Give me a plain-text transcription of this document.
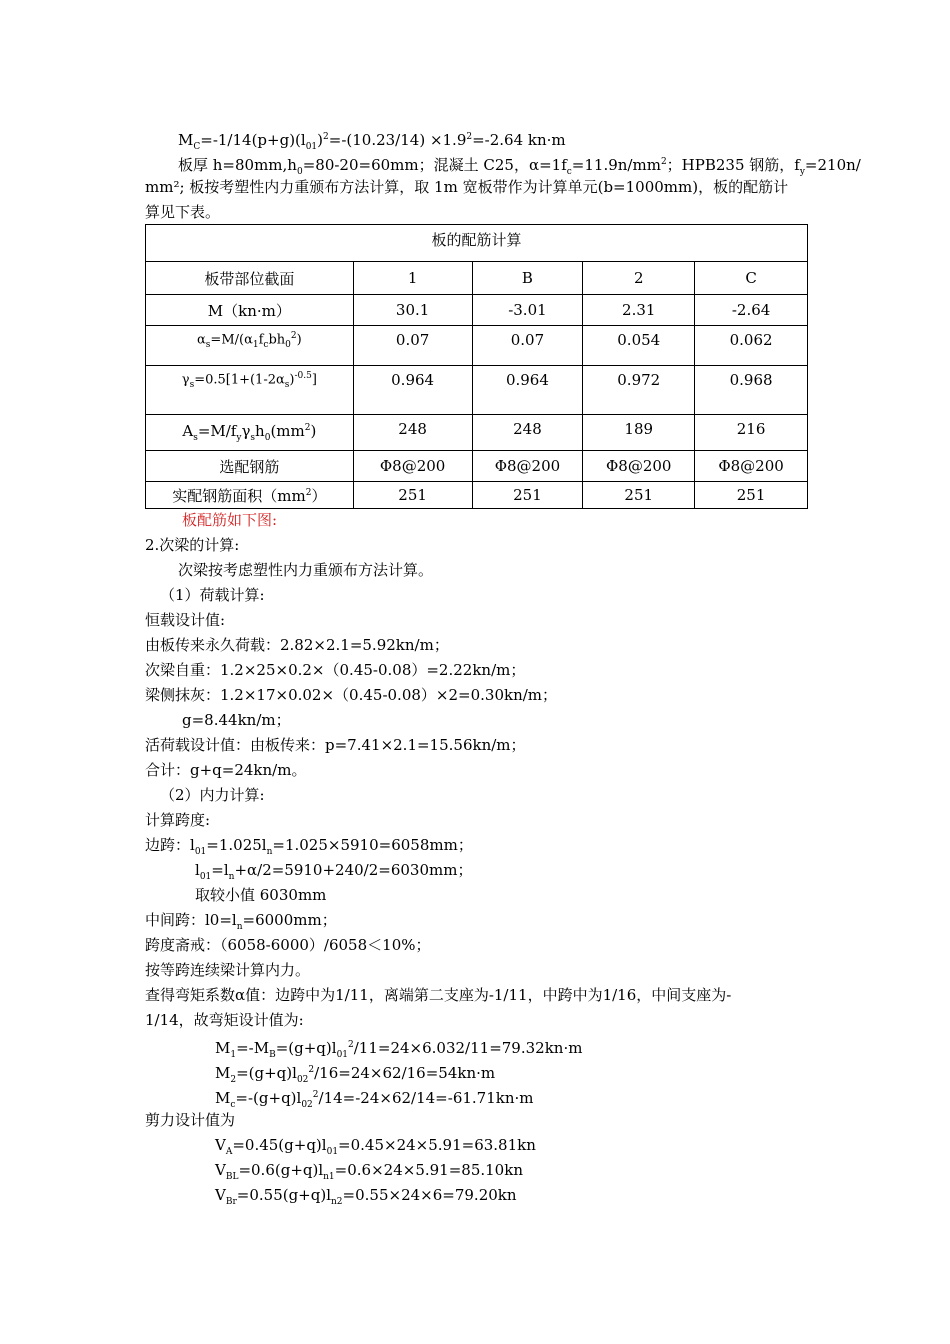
$M_C=-1/14(p+g)(l_{01})^2=-(10.23/14) \times 1.9^2=-2.64$ kn·m
板厚 $h=80mm,h_0=80-20=60mm$；混凝土 C25，$\alpha=1f_c=11.9n/mm^2$；HPB235 钢筋，$f_y=210n/$
mm²; 板按考塑性内力重颁布方法计算，取 1m 宽板带作为计算单元(b=1000mm)，板的配筋计
算见下表。
板的配筋计算				
板带部位截面	1	B	2	C
M（kn·m）	30.1	-3.01	2.31	-2.64
$\alpha_s=M/(\alpha_1f_cbh_0^2)$	0.07	0.07	0.054	0.062
$\gamma_s=0.5[1+(1-2\alpha_s)^{-0.5}]$	0.964	0.964	0.972	0.968
$A_s=M/f_y\gamma_sh_0(mm^2)$	248	248	189	216
选配钢筋	Φ8@200	Φ8@200	Φ8@200	Φ8@200
实配钢筋面积$(mm^2)$	251	251	251	251
板配筋如下图:
2.次梁的计算:
次梁按考虑塑性内力重颁布方法计算。
（1）荷载计算:
恒载设计值:
由板传来永久荷载：2.82×2.1=5.92kn/m；
次梁自重：1.2×25×0.2×（0.45-0.08）=2.22kn/m；
梁侧抹灰：1.2×17×0.02×（0.45-0.08）×2=0.30kn/m；
g=8.44kn/m；
活荷载设计值：由板传来：p=7.41×2.1=15.56kn/m；
合计：g+q=24kn/m。
（2）内力计算:
计算跨度:
边跨：$l_{01}=1.025l_n=1.025\times 5910=6058mm$；
$l_{01}=l_n+\alpha/2=5910+240/2=6030mm$；
取较小值 6030mm
中间跨：$l0=l_n=6000mm$；
跨度斋戒：（6058-6000）/6058＜10%；
按等跨连续梁计算内力。
查得弯矩系数α值：边跨中为1/11，离端第二支座为-1/11，中跨中为1/16，中间支座为-
1/14，故弯矩设计值为:
$M_1=-M_B=(g+q)l_{01}^2/11=24\times 6.032/11=79.32kn\cdot m$
$M_2=(g+q)l_{02}^2/16=24\times 62/16=54kn\cdot m$
$M_c=-(g+q)l_{02}^2/14=-24\times 62/14=-61.71kn\cdot m$
剪力设计值为
$V_A=0.45(g+q)l_{01}=0.45\times 24\times 5.91=63.81kn$
$V_{BL}=0.6(g+q)l_{n1}=0.6\times 24\times 5.91=85.10kn$
$V_{Br}=0.55(g+q)l_{n2}=0.55\times 24\times 6=79.20kn$
